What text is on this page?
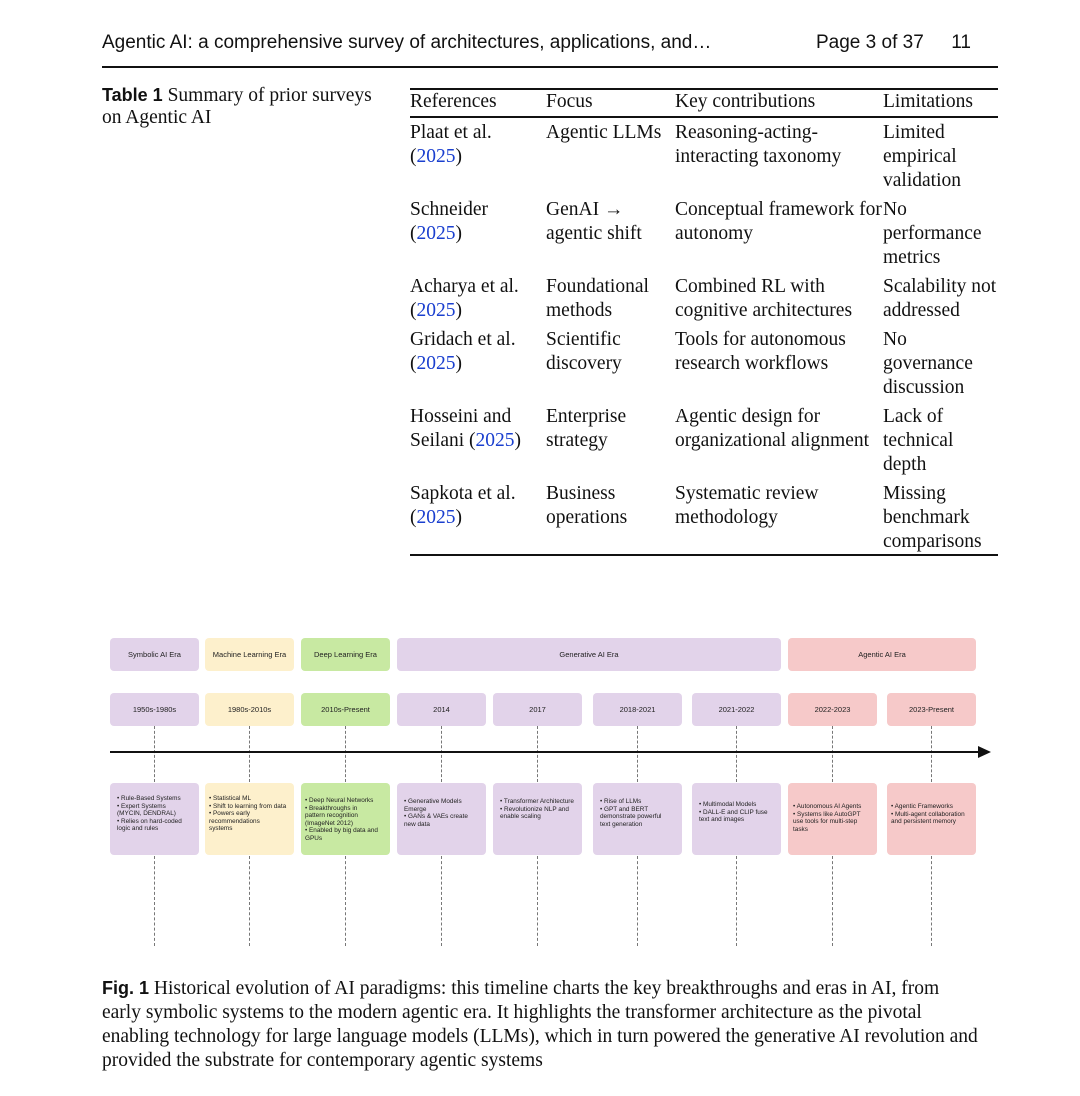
Agentic AI: a comprehensive survey of architectures, applications, and…	Page 3 of 37 11
Table 1 Summary of prior surveys on Agentic AI
References	Focus	Key contributions	Limitations
Plaat et al.
(2025)	Agentic LLMs	Reasoning-acting-interacting taxonomy	Limited empirical validation
Schneider
(2025)	GenAI → agentic shift	Conceptual framework for autonomy	No performance metrics
Acharya et al.
(2025)	Foundational methods	Combined RL with cognitive architectures	Scalability not addressed
Gridach et al.
(2025)	Scientific discovery	Tools for autonomous research workflows	No governance discussion
Hosseini and Seilani (2025)	Enterprise strategy	Agentic design for organizational alignment	Lack of technical depth
Sapkota et al.
(2025)	Business operations	Systematic review methodology	Missing benchmark comparisons
Symbolic AI Era	Machine Learning Era	Deep Learning Era	Generative AI Era	Agentic AI Era
1950s-1980s	1980s-2010s	2010s-Present	2014	2017	2018-2021	2021-2022	2022-2023	2023-Present
• Rule-Based Systems
• Expert Systems
(MYCIN, DENDRAL)
• Relies on hard-coded
logic and rules
• Statistical ML
• Shift to learning from data
• Powers early
recommendations
systems
• Deep Neural Networks
• Breakthroughs in
pattern recognition
(ImageNet 2012)
• Enabled by big data and
GPUs
• Generative Models
Emerge
• GANs & VAEs create
new data
• Transformer Architecture
• Revolutionize NLP and
enable scaling
• Rise of LLMs
• GPT and BERT
demonstrate powerful
text generation
• Multimodal Models
• DALL-E and CLIP fuse
text and images
• Autonomous AI Agents
• Systems like AutoGPT
use tools for multi-step
tasks
• Agentic Frameworks
• Multi-agent collaboration
and persistent memory
Fig. 1 Historical evolution of AI paradigms: this timeline charts the key breakthroughs and eras in AI, from early symbolic systems to the modern agentic era. It highlights the transformer architecture as the pivotal enabling technology for large language models (LLMs), which in turn powered the generative AI revolution and provided the substrate for contemporary agentic systems
